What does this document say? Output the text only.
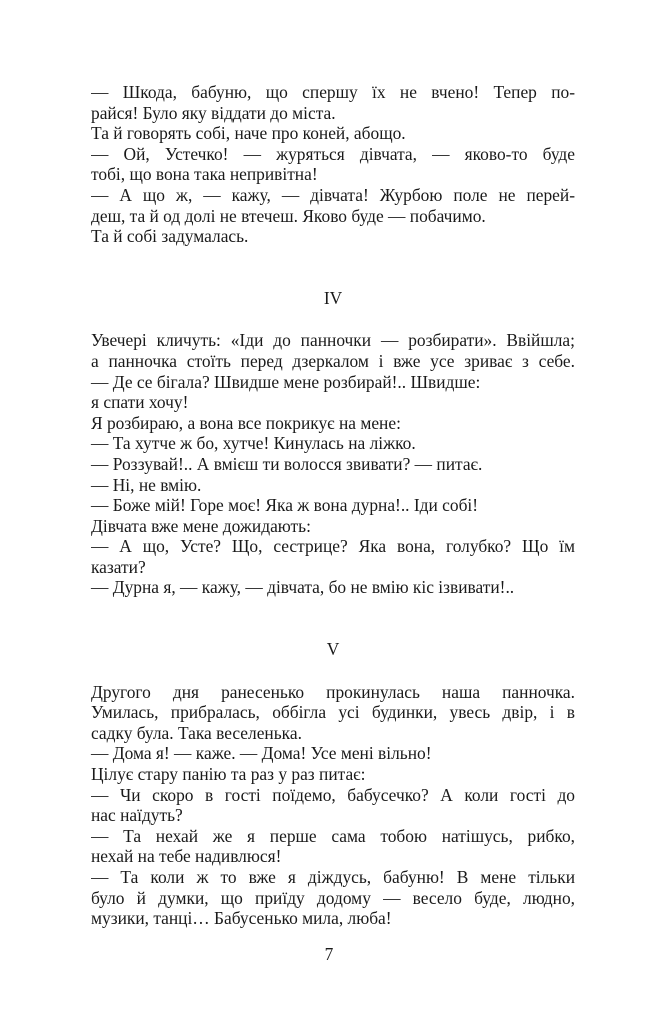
— Шкода, бабуню, що спершу їх не вчено! Тепер по-
райся! Було яку віддати до міста.
Та й говорять собі, наче про коней, абощо.
— Ой, Устечко! — журяться дівчата, — яково-то буде
тобі, що вона така непривітна!
— А що ж, — кажу, — дівчата! Журбою поле не перей-
деш, та й од долі не втечеш. Яково буде — побачимо.
Та й собі задумалась.
IV
Увечері кличуть: «Іди до панночки — розбирати». Ввійшла;
а панночка стоїть перед дзеркалом і вже усе зриває з себе.
— Де се бігала? Швидше мене розбирай!.. Швидше:
я спати хочу!
Я розбираю, а вона все покрикує на мене:
— Та хутче ж бо, хутче! Кинулась на ліжко.
— Роззувай!.. А вмієш ти волосся звивати? — питає.
— Ні, не вмію.
— Боже мій! Горе моє! Яка ж вона дурна!.. Іди собі!
Дівчата вже мене дожидають:
— А що, Усте? Що, сестрице? Яка вона, голубко? Що їм
казати?
— Дурна я, — кажу, — дівчата, бо не вмію кіс ізвивати!..
V
Другого дня ранесенько прокинулась наша панночка.
Умилась, прибралась, оббігла усі будинки, увесь двір, і в
садку була. Така веселенька.
— Дома я! — каже. — Дома! Усе мені вільно!
Цілує стару панію та раз у раз питає:
— Чи скоро в гості поїдемо, бабусечко? А коли гості до
нас наїдуть?
— Та нехай же я перше сама тобою натішусь, рибко,
нехай на тебе надивлюся!
— Та коли ж то вже я діждусь, бабуню! В мене тільки
було й думки, що приїду додому — весело буде, людно,
музики, танці… Бабусенько мила, люба!
7
